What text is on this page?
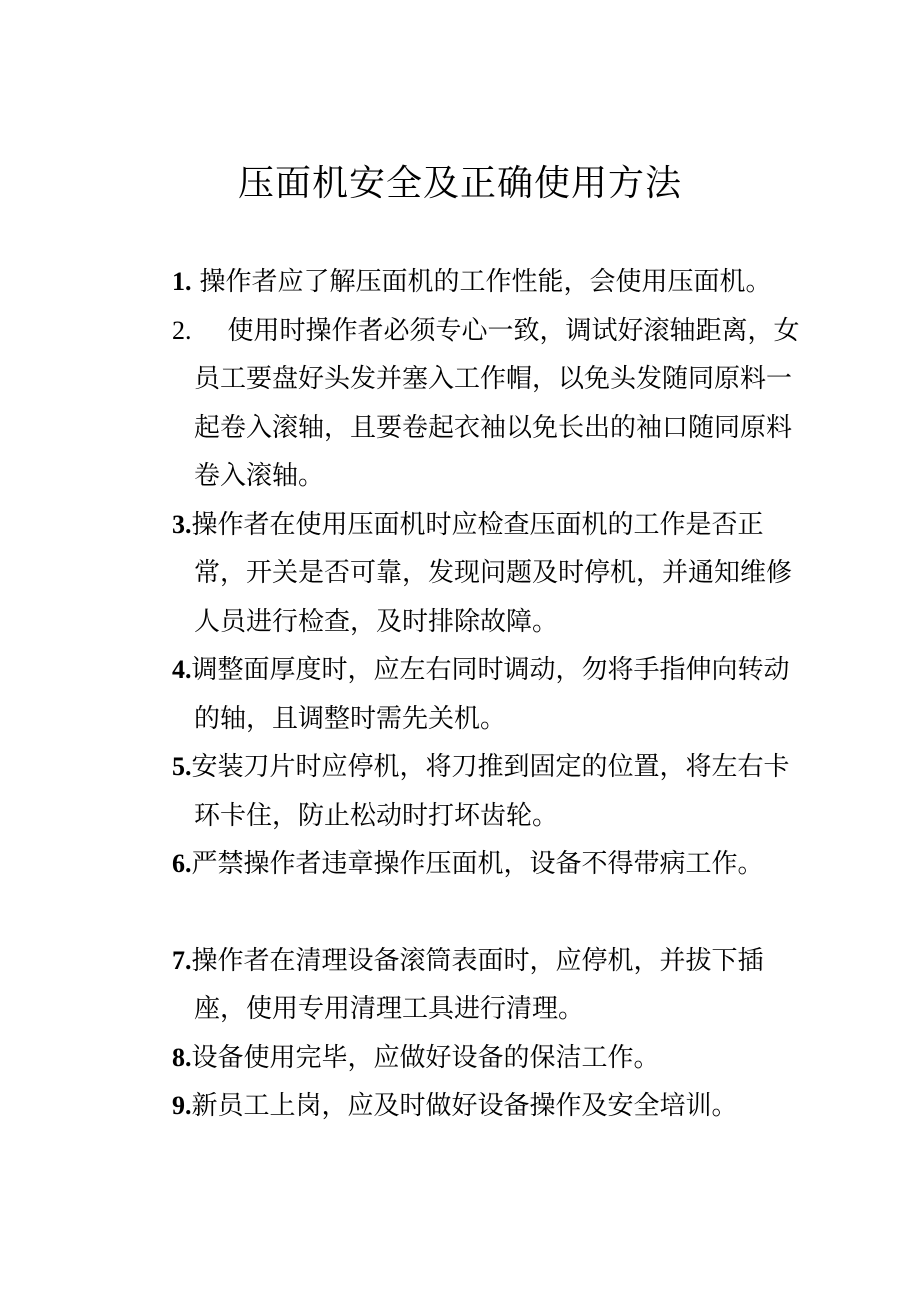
压面机安全及正确使用方法
1. 操作者应了解压面机的工作性能，会使用压面机。
2. 使用时操作者必须专心一致，调试好滚轴距离，女员工要盘好头发并塞入工作帽，以免头发随同原料一起卷入滚轴，且要卷起衣袖以免长出的袖口随同原料卷入滚轴。
3.操作者在使用压面机时应检查压面机的工作是否正常，开关是否可靠，发现问题及时停机，并通知维修人员进行检查，及时排除故障。
4.调整面厚度时，应左右同时调动，勿将手指伸向转动的轴，且调整时需先关机。
5.安装刀片时应停机，将刀推到固定的位置，将左右卡环卡住，防止松动时打坏齿轮。
6.严禁操作者违章操作压面机，设备不得带病工作。
7.操作者在清理设备滚筒表面时，应停机，并拔下插座，使用专用清理工具进行清理。
8.设备使用完毕，应做好设备的保洁工作。
9.新员工上岗，应及时做好设备操作及安全培训。
